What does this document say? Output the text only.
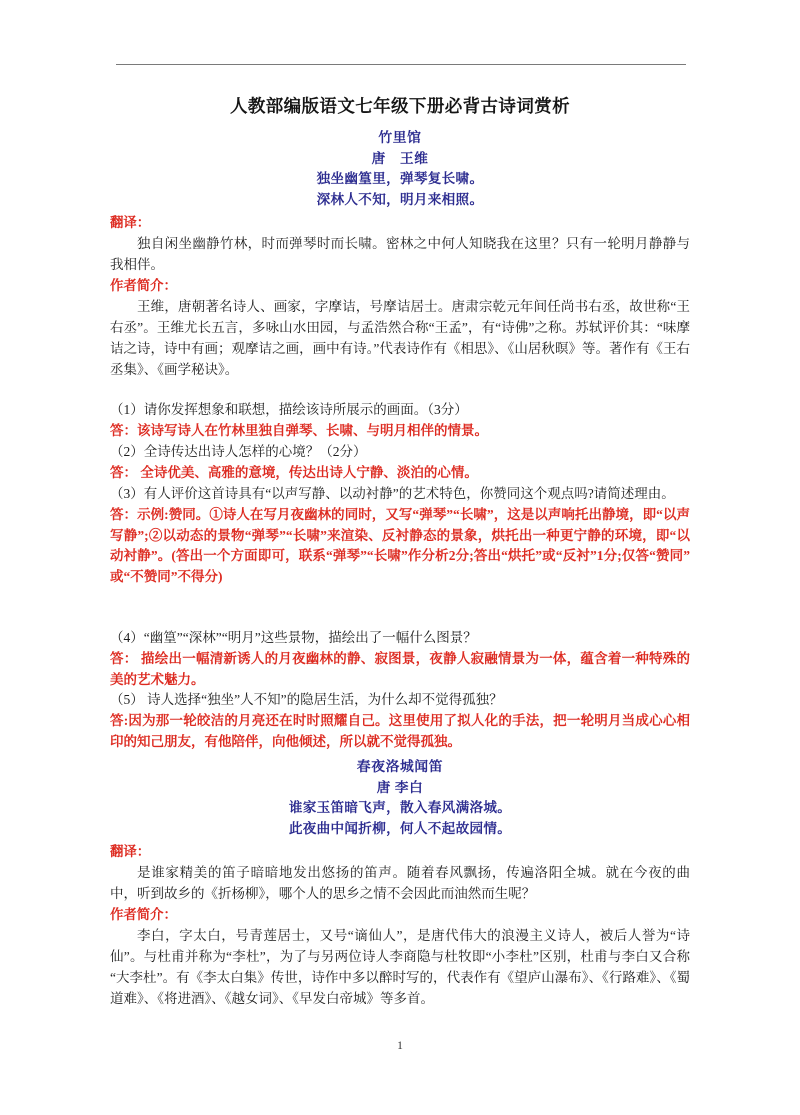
人教部编版语文七年级下册必背古诗词赏析
竹里馆
唐　王维
独坐幽篁里，弹琴复长啸。
深林人不知，明月来相照。
翻译：
独自闲坐幽静竹林，时而弹琴时而长啸。密林之中何人知晓我在这里？只有一轮明月静静与我相伴。
作者简介：
王维，唐朝著名诗人、画家，字摩诘，号摩诘居士。唐肃宗乾元年间任尚书右丞，故世称“王右丞”。王维尤长五言，多咏山水田园，与孟浩然合称“王孟”，有“诗佛”之称。苏轼评价其：“味摩诘之诗，诗中有画；观摩诘之画，画中有诗。”代表诗作有《相思》、《山居秋暝》等。著作有《王右丞集》、《画学秘诀》。
（1）请你发挥想象和联想，描绘该诗所展示的画面。（3分）
答：该诗写诗人在竹林里独自弹琴、长啸、与明月相伴的情景。
（2）全诗传达出诗人怎样的心境？（2分）
答： 全诗优美、高雅的意境，传达出诗人宁静、淡泊的心情。
（3）有人评价这首诗具有“以声写静、以动衬静”的艺术特色，你赞同这个观点吗?请简述理由。
答：示例:赞同。①诗人在写月夜幽林的同时，又写“弹琴”“长啸”，这是以声响托出静境，即“以声写静”;②以动态的景物“弹琴”“长啸”来渲染、反衬静态的景象，烘托出一种更宁静的环境，即“以动衬静”。(答出一个方面即可，联系“弹琴”“长啸”作分析2分;答出“烘托”或“反衬”1分;仅答“赞同”或“不赞同”不得分)
（4）“幽篁”“深林”“明月”这些景物，描绘出了一幅什么图景？
答： 描绘出一幅清新诱人的月夜幽林的静、寂图景，夜静人寂融情景为一体，蕴含着一种特殊的美的艺术魅力。
（5） 诗人选择“独坐”人不知”的隐居生活，为什么却不觉得孤独？
答:因为那一轮皎洁的月亮还在时时照耀自己。这里使用了拟人化的手法，把一轮明月当成心心相印的知己朋友，有他陪伴，向他倾述，所以就不觉得孤独。
春夜洛城闻笛
唐 李白
谁家玉笛暗飞声，散入春风满洛城。
此夜曲中闻折柳，何人不起故园情。
翻译：
是谁家精美的笛子暗暗地发出悠扬的笛声。随着春风飘扬，传遍洛阳全城。就在今夜的曲中，听到故乡的《折杨柳》，哪个人的思乡之情不会因此而油然而生呢？
作者简介：
李白，字太白，号青莲居士，又号“谪仙人”，是唐代伟大的浪漫主义诗人，被后人誉为“诗仙”。与杜甫并称为“李杜”，为了与另两位诗人李商隐与杜牧即“小李杜”区别，杜甫与李白又合称“大李杜”。有《李太白集》传世，诗作中多以醉时写的，代表作有《望庐山瀑布》、《行路难》、《蜀道难》、《将进酒》、《越女词》、《早发白帝城》等多首。
1
